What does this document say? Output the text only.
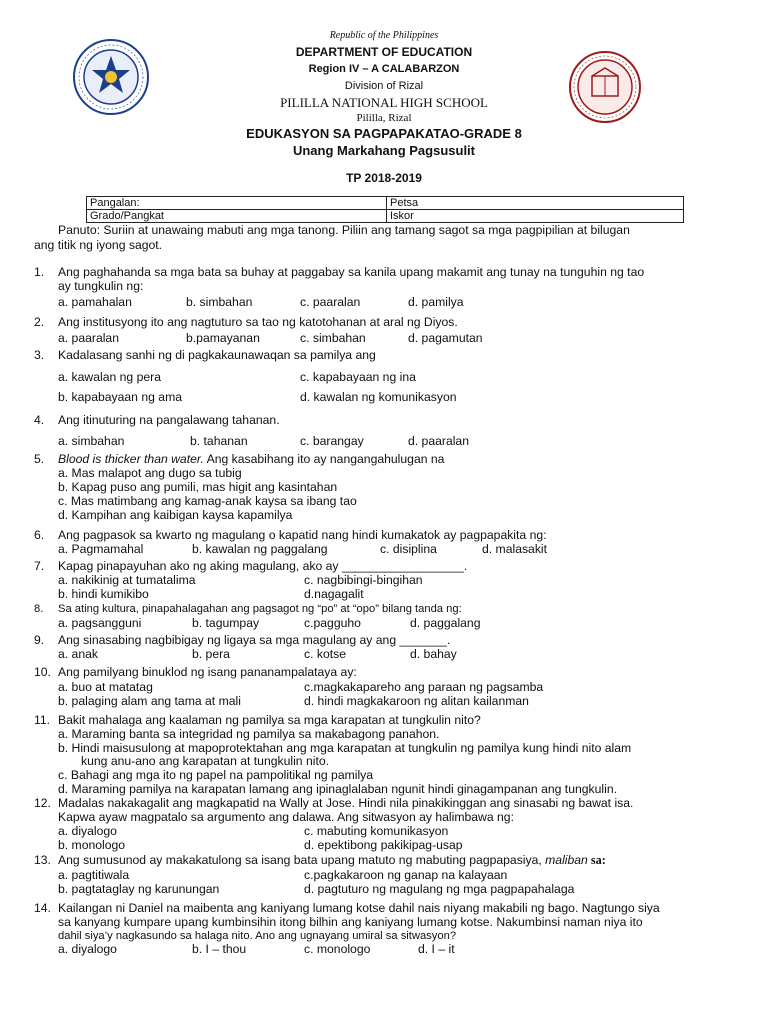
Republic of the Philippines
DEPARTMENT OF EDUCATION
Region IV – A CALABARZON
Division of Rizal
PILILLA NATIONAL HIGH SCHOOL
Pililla, Rizal
EDUKASYON SA PAGPAPAKATAO-GRADE 8
Unang Markahang Pagsusulit
TP 2018-2019
Pangalan:	Petsa
Grado/Pangkat	Iskor
Panuto: Suriin at unawaing mabuti ang mga tanong. Piliin ang tamang sagot sa mga pagpipilian at bilugan
ang titik ng iyong sagot.
1. Ang paghahanda sa mga bata sa buhay at paggabay sa kanila upang makamit ang tunay na tunguhin ng tao
ay tungkulin ng:
a. pamahalan	b. simbahan	c. paaralan	d. pamilya
2. Ang institusyong ito ang nagtuturo sa tao ng katotohanan at aral ng Diyos.
a. paaralan	b.pamayanan	c. simbahan	d. pagamutan
3. Kadalasang sanhi ng di pagkakaunawaqan sa pamilya ang
a. kawalan ng pera	c. kapabayaan ng ina
b. kapabayaan ng ama	d. kawalan ng komunikasyon
4. Ang itinuturing na pangalawang tahanan.
a. simbahan	b. tahanan	c. barangay	d. paaralan
5. Blood is thicker than water. Ang kasabihang ito ay nangangahulugan na
a. Mas malapot ang dugo sa tubig
b. Kapag puso ang pumili, mas higit ang kasintahan
c. Mas matimbang ang kamag-anak kaysa sa ibang tao
d. Kampihan ang kaibigan kaysa kapamilya
6. Ang pagpasok sa kwarto ng magulang o kapatid nang hindi kumakatok ay pagpapakita ng:
a. Pagmamahal	b. kawalan ng paggalang	c. disiplina	d. malasakit
7. Kapag pinapayuhan ako ng aking magulang, ako ay __________________.
a. nakikinig at tumatalima	c. nagbibingi-bingihan
b. hindi kumikibo	d.nagagalit
8. Sa ating kultura, pinapahalagahan ang pagsagot ng “po” at “opo” bilang tanda ng:
a. pagsangguni	b. tagumpay	c.pagguho	d. paggalang
9. Ang sinasabing nagbibigay ng ligaya sa mga magulang ay ang _______.
a. anak	b. pera	c. kotse	d. bahay
10. Ang pamilyang binuklod ng isang pananampalataya ay:
a. buo at matatag	c.magkakapareho ang paraan ng pagsamba
b. palaging alam ang tama at mali	d. hindi magkakaroon ng alitan kailanman
11. Bakit mahalaga ang kaalaman ng pamilya sa mga karapatan at tungkulin nito?
a. Maraming banta sa integridad ng pamilya sa makabagong panahon.
b. Hindi maisusulong at mapoprotektahan ang mga karapatan at tungkulin ng pamilya kung hindi nito alam
kung anu-ano ang karapatan at tungkulin nito.
c. Bahagi ang mga ito ng papel na pampolitikal ng pamilya
d. Maraming pamilya na karapatan lamang ang ipinaglalaban ngunit hindi ginagampanan ang tungkulin.
12. Madalas nakakagalit ang magkapatid na Wally at Jose. Hindi nila pinakikinggan ang sinasabi ng bawat isa.
Kapwa ayaw magpatalo sa argumento ang dalawa. Ang sitwasyon ay halimbawa ng:
a. diyalogo	c. mabuting komunikasyon
b. monologo	d. epektibong pakikipag-usap
13. Ang sumusunod ay makakatulong sa isang bata upang matuto ng mabuting pagpapasiya, maliban sa:
a. pagtitiwala	c.pagkakaroon ng ganap na kalayaan
b. pagtataglay ng karunungan	d. pagtuturo ng magulang ng mga pagpapahalaga
14. Kailangan ni Daniel na maibenta ang kaniyang lumang kotse dahil nais niyang makabili ng bago. Nagtungo siya
sa kanyang kumpare upang kumbinsihin itong bilhin ang kaniyang lumang kotse. Nakumbinsi naman niya ito
dahil siya’y nagkasundo sa halaga nito. Ano ang ugnayang umiral sa sitwasyon?
a. diyalogo	b. I – thou	c. monologo	d. I – it
